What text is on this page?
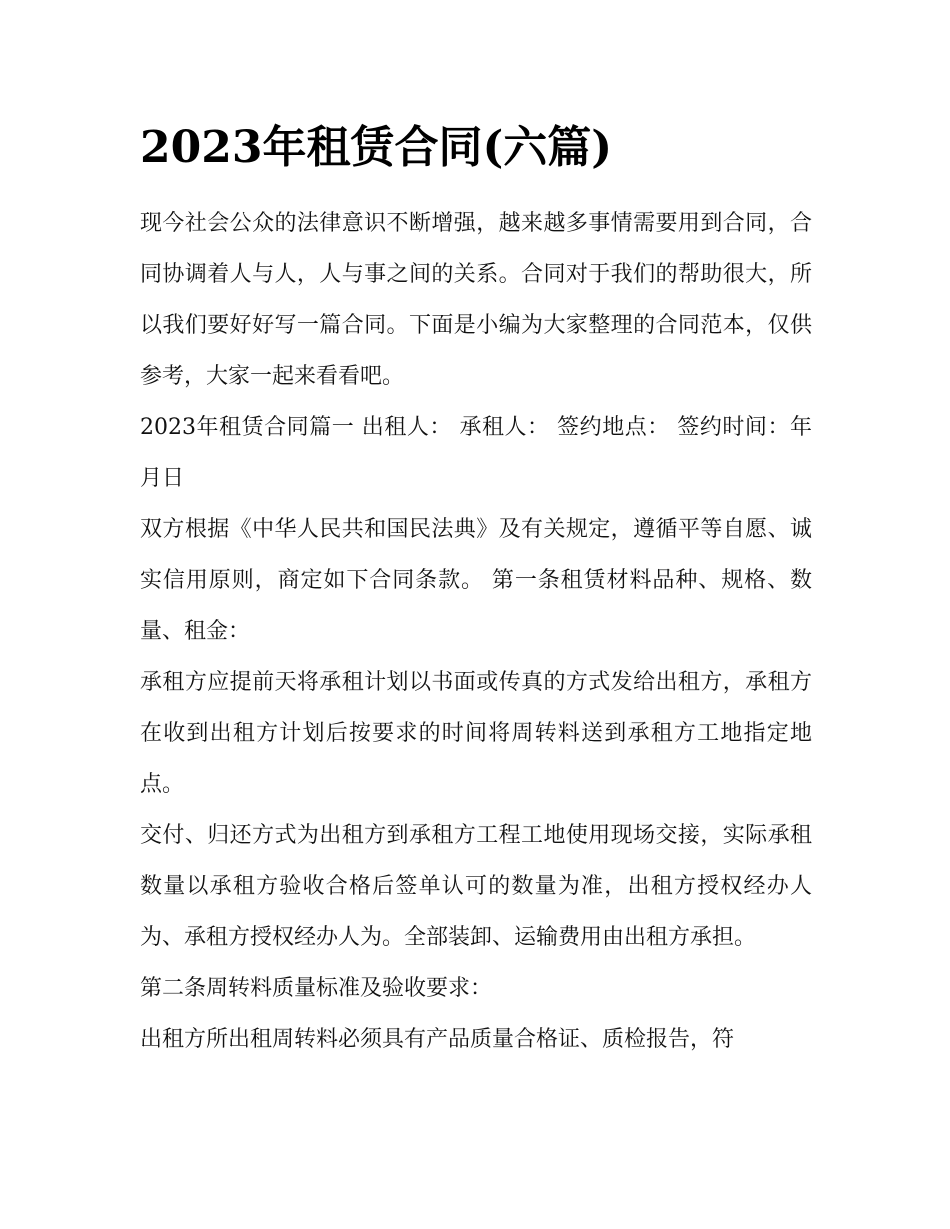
2023年租赁合同(六篇)

现今社会公众的法律意识不断增强，越来越多事情需要用到合同，合同协调着人与人，人与事之间的关系。合同对于我们的帮助很大，所以我们要好好写一篇合同。下面是小编为大家整理的合同范本，仅供参考，大家一起来看看吧。

2023年租赁合同篇一 出租人： 承租人： 签约地点： 签约时间：年月日

双方根据《中华人民共和国民法典》及有关规定，遵循平等自愿、诚实信用原则，商定如下合同条款。 第一条租赁材料品种、规格、数量、租金：

承租方应提前天将承租计划以书面或传真的方式发给出租方，承租方在收到出租方计划后按要求的时间将周转料送到承租方工地指定地点。

交付、归还方式为出租方到承租方工程工地使用现场交接，实际承租数量以承租方验收合格后签单认可的数量为准，出租方授权经办人为、承租方授权经办人为。全部装卸、运输费用由出租方承担。

第二条周转料质量标准及验收要求：

出租方所出租周转料必须具有产品质量合格证、质检报告，符
